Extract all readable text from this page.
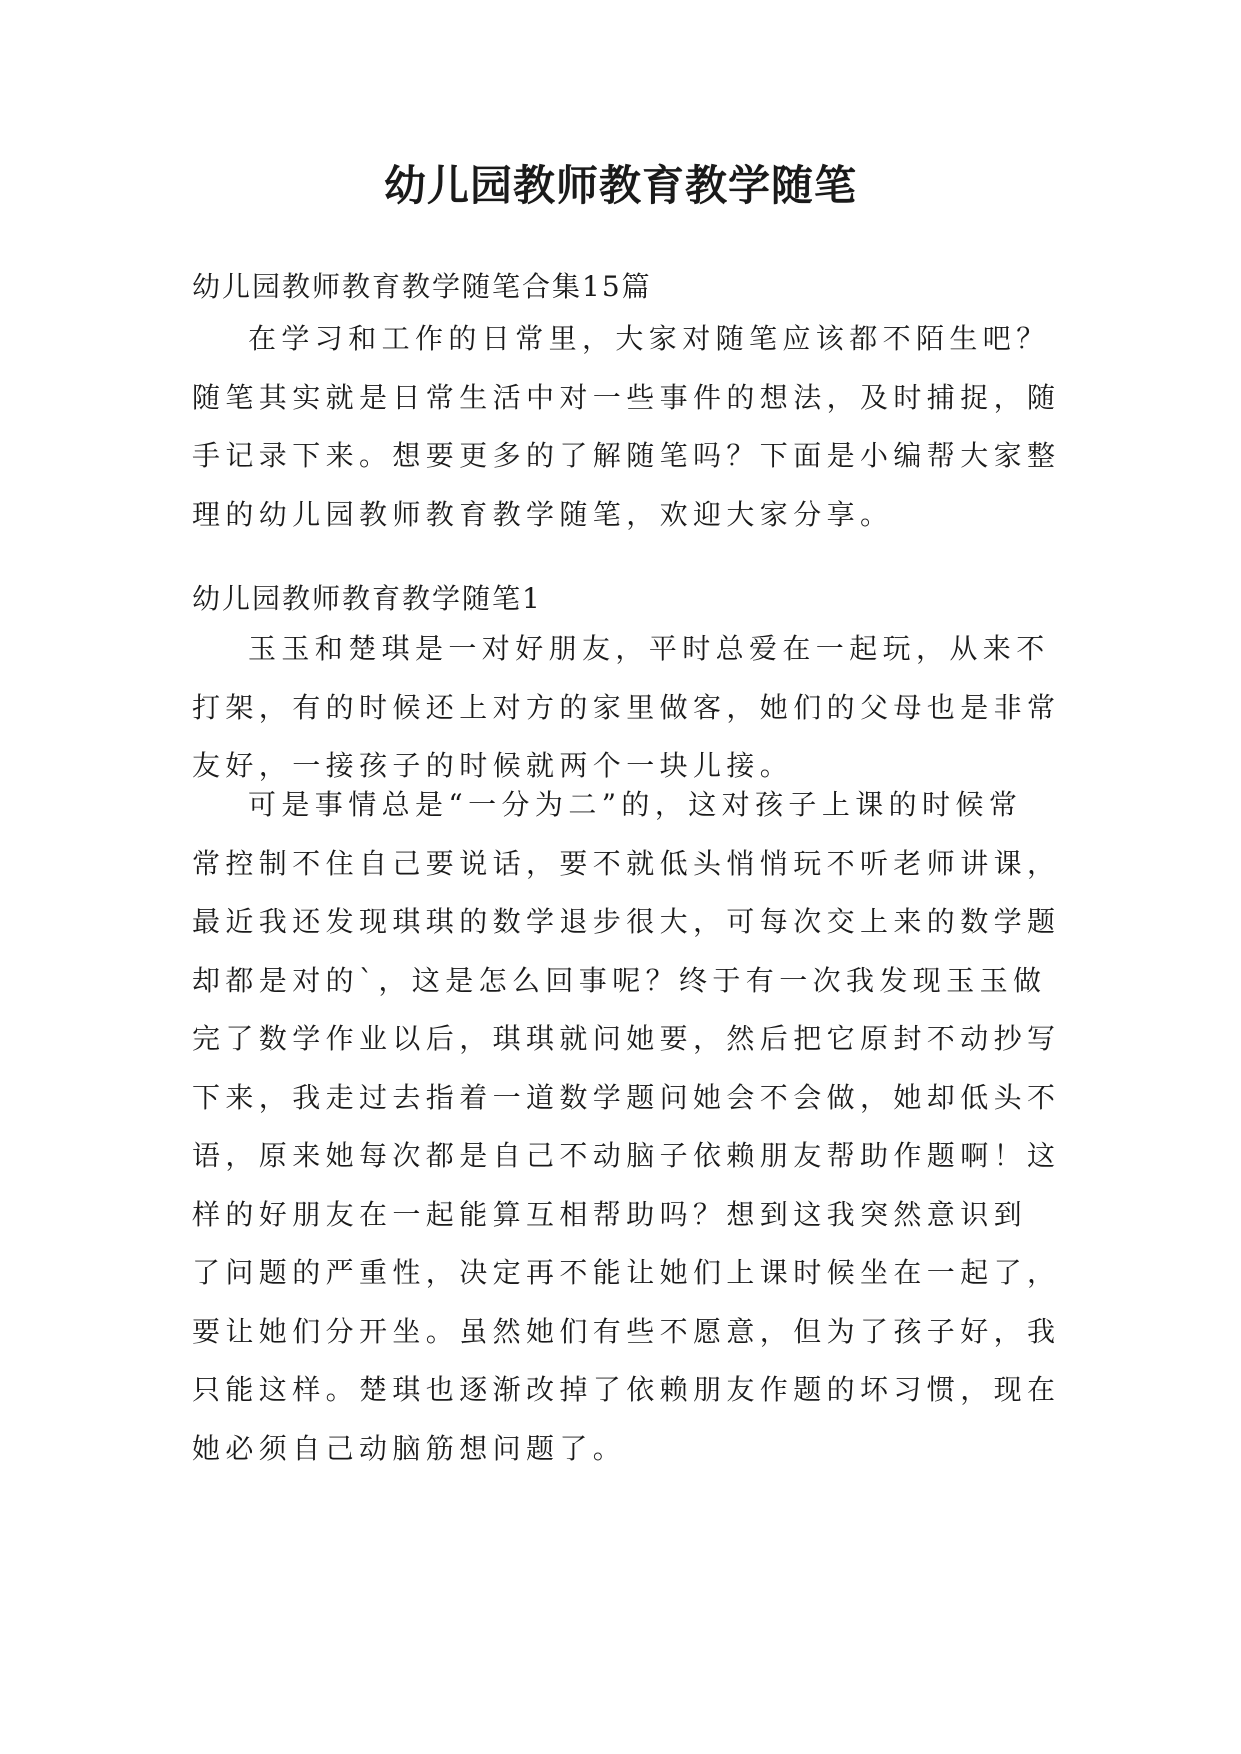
幼儿园教师教育教学随笔
幼儿园教师教育教学随笔合集15篇

在学习和工作的日常里，大家对随笔应该都不陌生吧？
随笔其实就是日常生活中对一些事件的想法，及时捕捉，随
手记录下来。想要更多的了解随笔吗？下面是小编帮大家整
理的幼儿园教师教育教学随笔，欢迎大家分享。

幼儿园教师教育教学随笔1

玉玉和楚琪是一对好朋友，平时总爱在一起玩，从来不
打架，有的时候还上对方的家里做客，她们的父母也是非常
友好，一接孩子的时候就两个一块儿接。

可是事情总是“一分为二”的，这对孩子上课的时候常
常控制不住自己要说话，要不就低头悄悄玩不听老师讲课，
最近我还发现琪琪的数学退步很大，可每次交上来的数学题
却都是对的`，这是怎么回事呢？终于有一次我发现玉玉做
完了数学作业以后，琪琪就问她要，然后把它原封不动抄写
下来，我走过去指着一道数学题问她会不会做，她却低头不
语，原来她每次都是自己不动脑子依赖朋友帮助作题啊！这
样的好朋友在一起能算互相帮助吗？想到这我突然意识到
了问题的严重性，决定再不能让她们上课时候坐在一起了，
要让她们分开坐。虽然她们有些不愿意，但为了孩子好，我
只能这样。楚琪也逐渐改掉了依赖朋友作题的坏习惯，现在
她必须自己动脑筋想问题了。
